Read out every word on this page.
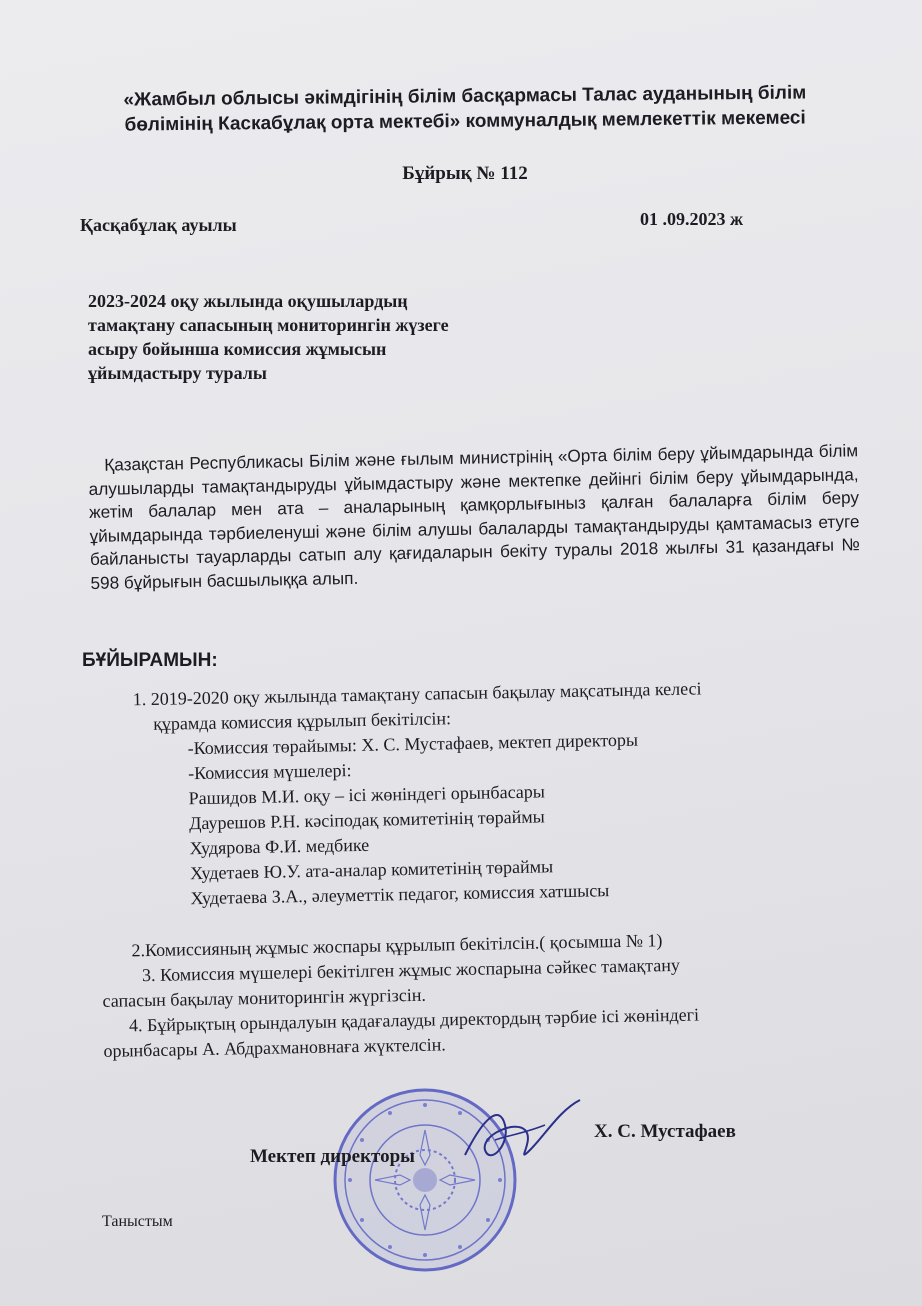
«Жамбыл облысы әкімдігінің білім басқармасы Талас ауданының білім
бөлімінің Каскабұлақ орта мектебі» коммуналдық мемлекеттік мекемесі
Бұйрық № 112
Қасқабұлақ ауылы	01 .09.2023 ж
2023-2024 оқу жылында оқушылардың
тамақтану сапасының мониторингін жүзеге
асыру бойынша комиссия жұмысын
ұйымдастыру туралы
Қазақстан Республикасы Білім және ғылым министрінің «Орта білім беру ұйымдарында білім алушыларды тамақтандыруды ұйымдастыру және мектепке дейінгі білім беру ұйымдарында, жетім балалар мен ата – аналарының қамқорлығыныз қалған балаларға білім беру ұйымдарында тәрбиеленуші және білім алушы балаларды тамақтандыруды қамтамасыз етуге байланысты тауарларды сатып алу қағидаларын бекіту туралы 2018 жылғы 31 қазандағы № 598 бұйрығын басшылыққа алып.
БҰЙЫРАМЫН:

1. 2019-2020 оқу жылында тамақтану сапасын бақылау мақсатында келесі

құрамда комиссия құрылып бекітілсін:

-Комиссия төрайымы: Х. С. Мустафаев, мектеп директоры

-Комиссия мүшелері:

Рашидов М.И. оқу – ісі жөніндегі орынбасары

Даурешов Р.Н. кәсіподақ комитетінің төраймы

Худярова Ф.И. медбике

Худетаев Ю.У. ата-аналар комитетінің төраймы

Худетаева З.А., әлеуметтік педагог, комиссия хатшысы

2.Комиссияның жұмыс жоспары құрылып бекітілсін.( қосымша № 1)

3. Комиссия мүшелері бекітілген жұмыс жоспарына сәйкес тамақтану

сапасын бақылау мониторингін жүргізсін.

4. Бұйрықтың орындалуын қадағалауды директордың тәрбие ісі жөніндегі

орынбасары А. Абдрахмановнаға жүктелсін.

Мектеп директоры
Х. С. Мустафаев
Таныстым
